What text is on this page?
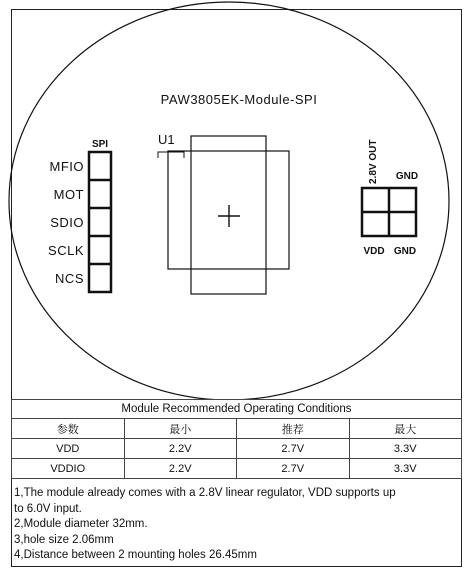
PAW3805EK-Module-SPI
SPI
MFIO
MOT
SDIO
SCLK
NCS
U1
2.8V OUT GND
VDD GND
Module Recommended Operating Conditions			
参数	最小	推荐	最大
VDD	2.2V	2.7V	3.3V
VDDIO	2.2V	2.7V	3.3V
1,The module already comes with a 2.8V linear regulator, VDD supports up
to 6.0V input.
2,Module diameter 32mm.
3,hole size 2.06mm
4,Distance between 2 mounting holes 26.45mm
